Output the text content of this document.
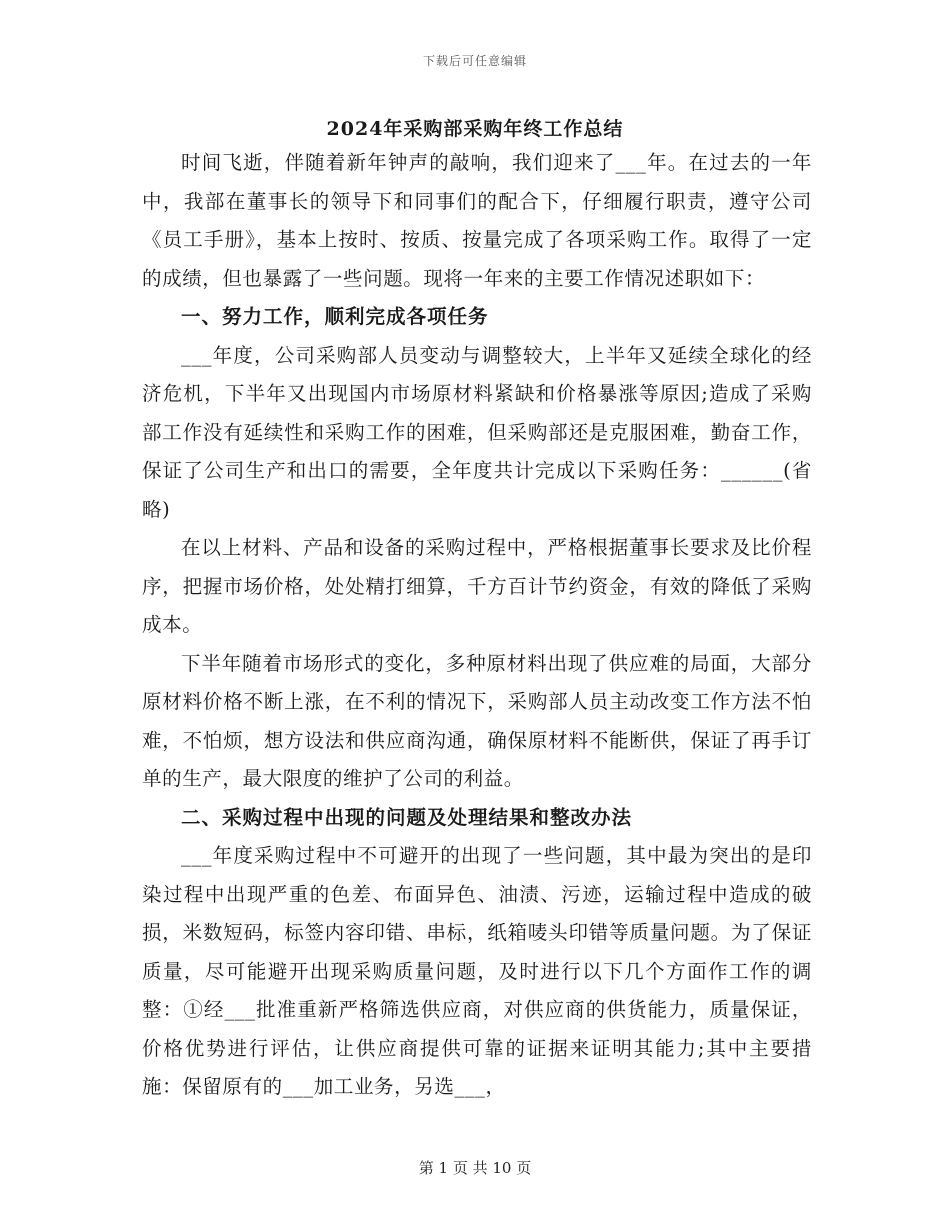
下载后可任意编辑
2024年采购部采购年终工作总结

时间飞逝，伴随着新年钟声的敲响，我们迎来了___年。在过去的一年中，我部在董事长的领导下和同事们的配合下，仔细履行职责，遵守公司《员工手册》，基本上按时、按质、按量完成了各项采购工作。取得了一定的成绩，但也暴露了一些问题。现将一年来的主要工作情况述职如下：

一、努力工作，顺利完成各项任务

___年度，公司采购部人员变动与调整较大，上半年又延续全球化的经济危机，下半年又出现国内市场原材料紧缺和价格暴涨等原因;造成了采购部工作没有延续性和采购工作的困难，但采购部还是克服困难，勤奋工作，保证了公司生产和出口的需要，全年度共计完成以下采购任务：______(省略)

在以上材料、产品和设备的采购过程中，严格根据董事长要求及比价程序，把握市场价格，处处精打细算，千方百计节约资金，有效的降低了采购成本。

下半年随着市场形式的变化，多种原材料出现了供应难的局面，大部分原材料价格不断上涨，在不利的情况下，采购部人员主动改变工作方法不怕难，不怕烦，想方设法和供应商沟通，确保原材料不能断供，保证了再手订单的生产，最大限度的维护了公司的利益。

二、采购过程中出现的问题及处理结果和整改办法

___年度采购过程中不可避开的出现了一些问题，其中最为突出的是印染过程中出现严重的色差、布面异色、油渍、污迹，运输过程中造成的破损，米数短码，标签内容印错、串标，纸箱唛头印错等质量问题。为了保证质量，尽可能避开出现采购质量问题，及时进行以下几个方面作工作的调整：①经___批准重新严格筛选供应商，对供应商的供货能力，质量保证，价格优势进行评估，让供应商提供可靠的证据来证明其能力;其中主要措施：保留原有的___加工业务，另选___，

第 1 页 共 10 页
